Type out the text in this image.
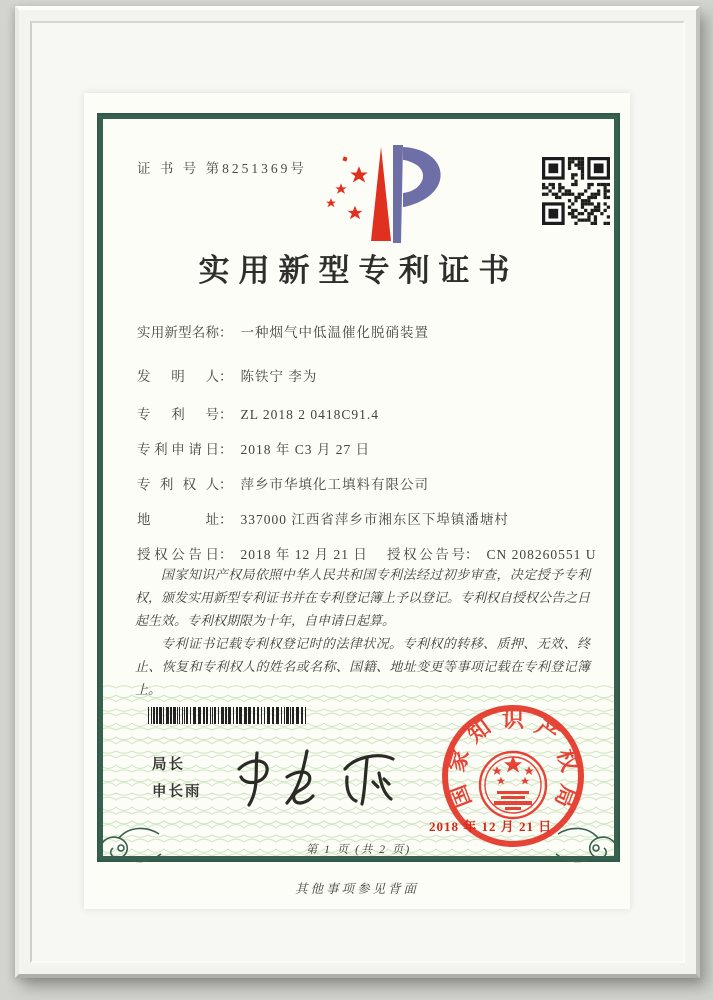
证 书 号 第8251369号
实用新型专利证书
实用新型名称： 一种烟气中低温催化脱硝装置
发明人： 陈铁宁 李为
专利号： ZL 2018 2 0418C91.4
专利申请日： 2018 年 C3 月 27 日
专利权人： 萍乡市华填化工填料有限公司
地址： 337000 江西省萍乡市湘东区下埠镇潘塘村
授权公告日： 2018 年 12 月 21 日 授权公告号： CN 208260551 U

国家知识产权局依照中华人民共和国专利法经过初步审查，决定授予专利权，颁发实用新型专利证书并在专利登记簿上予以登记。专利权自授权公告之日起生效。专利权期限为十年，自申请日起算。

专利证书记载专利权登记时的法律状况。专利权的转移、质押、无效、终止、恢复和专利权人的姓名或名称、国籍、地址变更等事项记载在专利登记簿上。

局长
申长雨	国
家
知 识 产
权
局
2018 年 12 月 21 日
第 1 页 (共 2 页)
其他事项参见背面
